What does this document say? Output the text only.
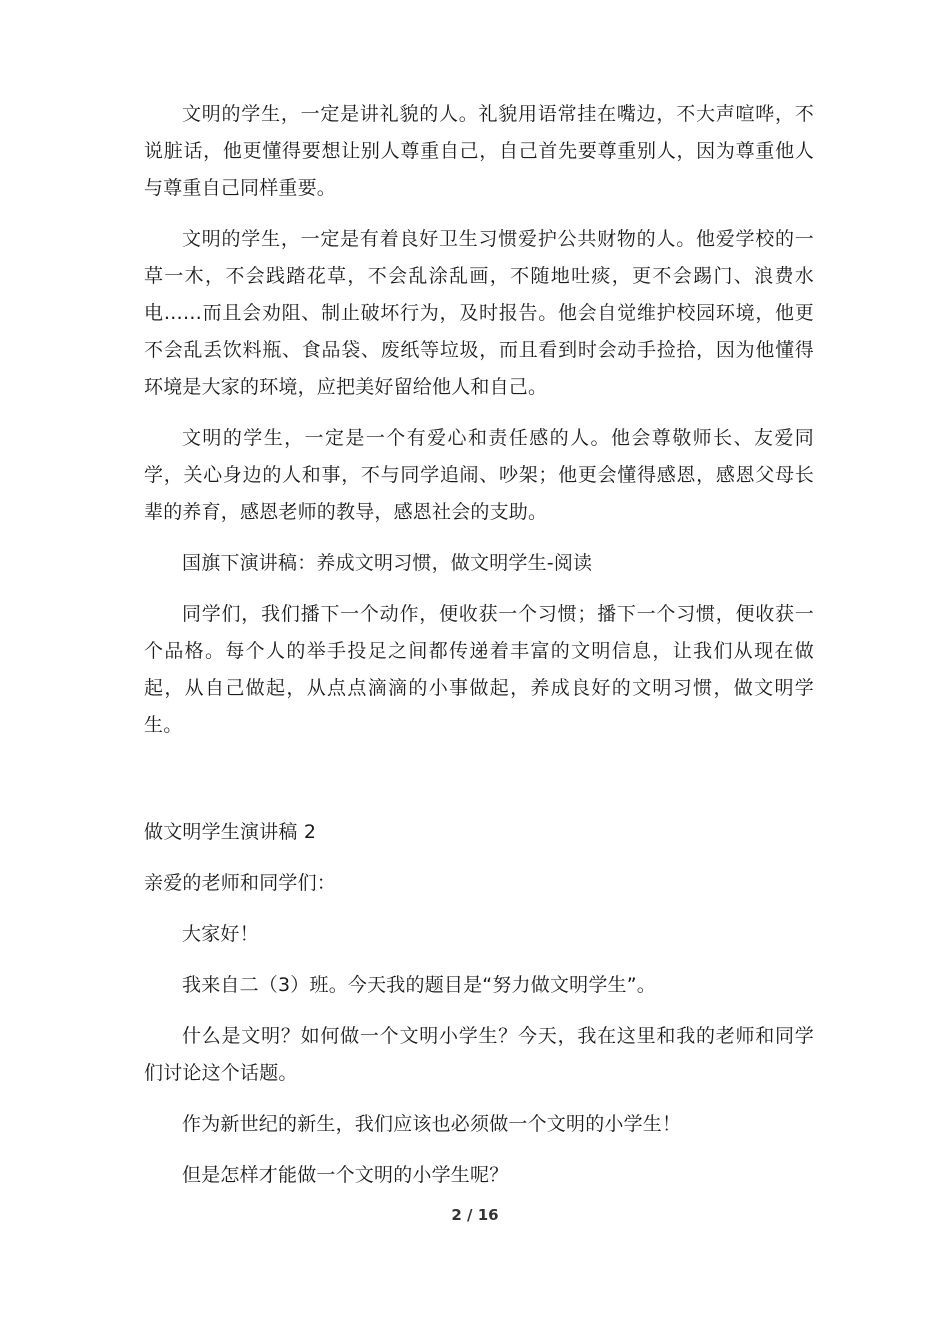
文明的学生，一定是讲礼貌的人。礼貌用语常挂在嘴边，不大声喧哗，不说脏话，他更懂得要想让别人尊重自己，自己首先要尊重别人，因为尊重他人与尊重自己同样重要。

文明的学生，一定是有着良好卫生习惯爱护公共财物的人。他爱学校的一草一木，不会践踏花草，不会乱涂乱画，不随地吐痰，更不会踢门、浪费水电……而且会劝阻、制止破坏行为，及时报告。他会自觉维护校园环境，他更不会乱丢饮料瓶、食品袋、废纸等垃圾，而且看到时会动手捡拾，因为他懂得环境是大家的环境，应把美好留给他人和自己。

文明的学生，一定是一个有爱心和责任感的人。他会尊敬师长、友爱同学，关心身边的人和事，不与同学追闹、吵架；他更会懂得感恩，感恩父母长辈的养育，感恩老师的教导，感恩社会的支助。

国旗下演讲稿：养成文明习惯，做文明学生-阅读

同学们，我们播下一个动作，便收获一个习惯；播下一个习惯，便收获一个品格。每个人的举手投足之间都传递着丰富的文明信息，让我们从现在做起，从自己做起，从点点滴滴的小事做起，养成良好的文明习惯，做文明学生。

做文明学生演讲稿 2

亲爱的老师和同学们：

大家好！

我来自二（3）班。今天我的题目是“努力做文明学生”。

什么是文明？如何做一个文明小学生？今天，我在这里和我的老师和同学们讨论这个话题。

作为新世纪的新生，我们应该也必须做一个文明的小学生！

但是怎样才能做一个文明的小学生呢？

2 / 16
